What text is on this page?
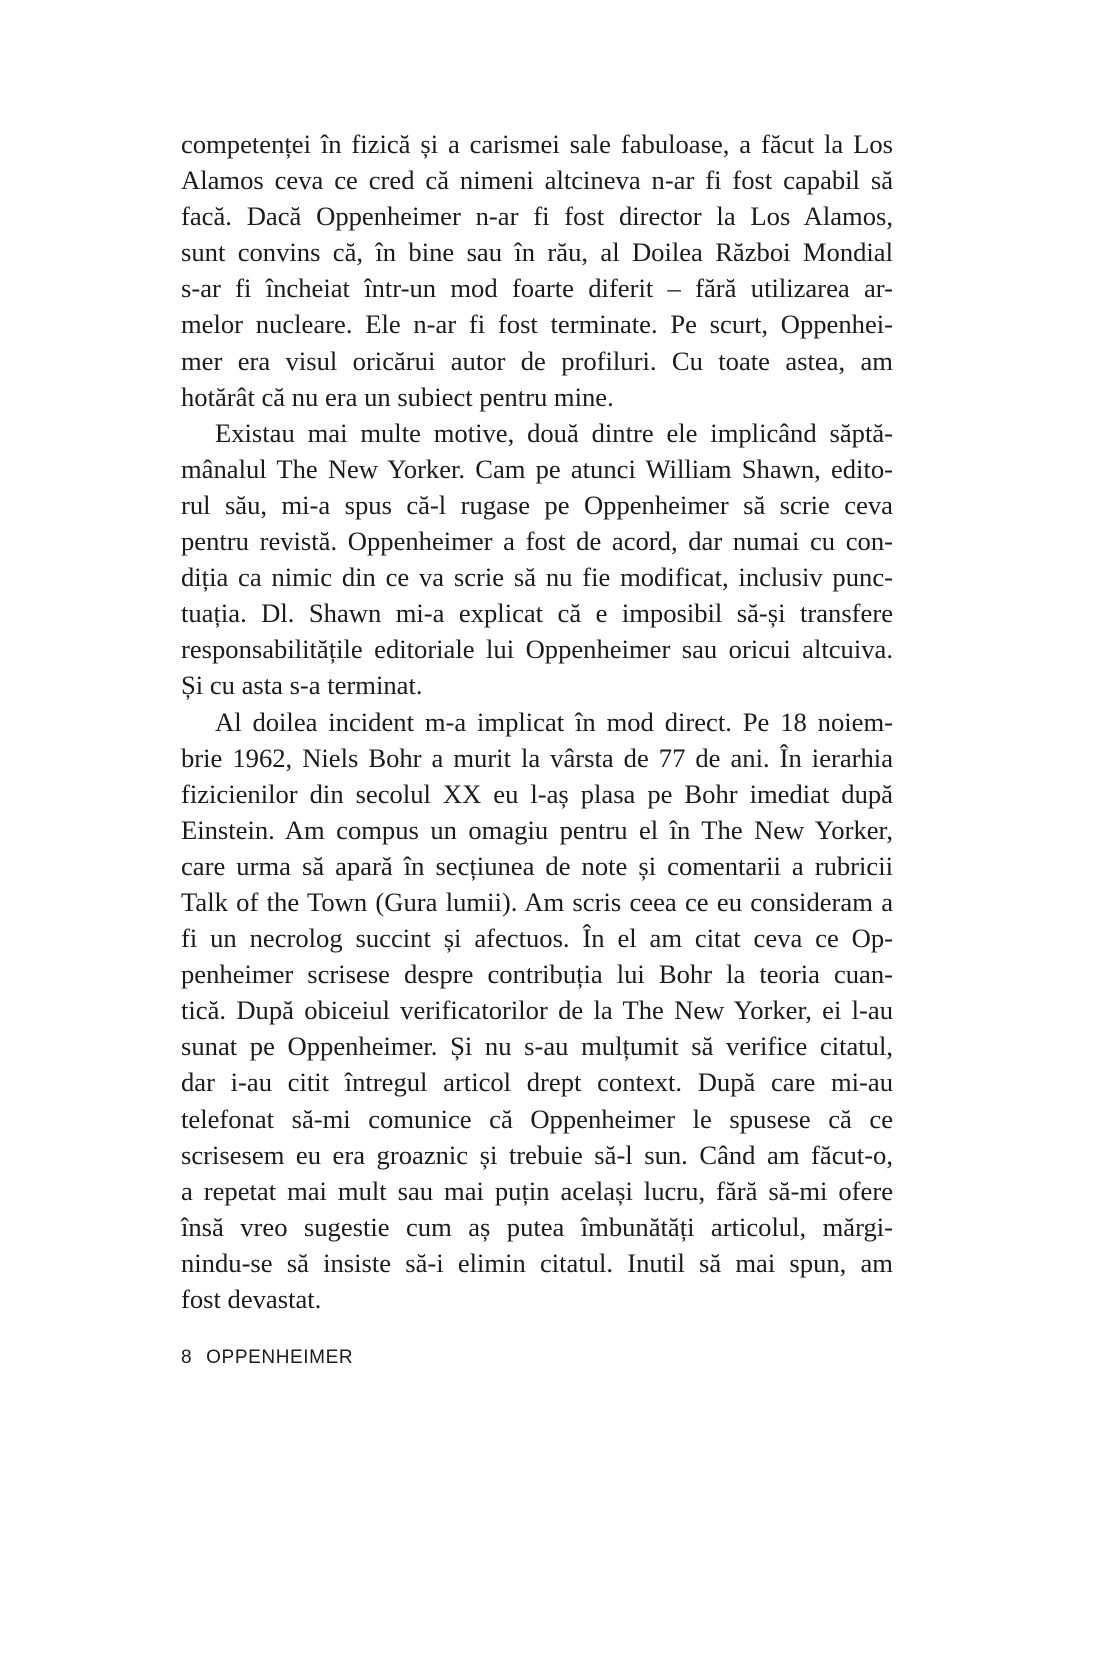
competenței în fizică și a carismei sale fabuloase, a făcut la Los
Alamos ceva ce cred că nimeni altcineva n-ar fi fost capabil să
facă. Dacă Oppenheimer n-ar fi fost director la Los Alamos,
sunt convins că, în bine sau în rău, al Doilea Război Mondial
s-ar fi încheiat într-un mod foarte diferit – fără utilizarea ar-
melor nucleare. Ele n-ar fi fost terminate. Pe scurt, Oppenhei-
mer era visul oricărui autor de profiluri. Cu toate astea, am
hotărât că nu era un subiect pentru mine.
Existau mai multe motive, două dintre ele implicând săptă-
mânalul The New Yorker. Cam pe atunci William Shawn, edito-
rul său, mi-a spus că-l rugase pe Oppenheimer să scrie ceva
pentru revistă. Oppenheimer a fost de acord, dar numai cu con-
diția ca nimic din ce va scrie să nu fie modificat, inclusiv punc-
tuația. Dl. Shawn mi-a explicat că e imposibil să-și transfere
responsabilitățile editoriale lui Oppenheimer sau oricui altcuiva.
Și cu asta s-a terminat.
Al doilea incident m-a implicat în mod direct. Pe 18 noiem-
brie 1962, Niels Bohr a murit la vârsta de 77 de ani. În ierarhia
fizicienilor din secolul XX eu l-aș plasa pe Bohr imediat după
Einstein. Am compus un omagiu pentru el în The New Yorker,
care urma să apară în secțiunea de note și comentarii a rubricii
Talk of the Town (Gura lumii). Am scris ceea ce eu consideram a
fi un necrolog succint și afectuos. În el am citat ceva ce Op-
penheimer scrisese despre contribuția lui Bohr la teoria cuan-
tică. După obiceiul verificatorilor de la The New Yorker, ei l-au
sunat pe Oppenheimer. Și nu s-au mulțumit să verifice citatul,
dar i-au citit întregul articol drept context. După care mi-au
telefonat să-mi comunice că Oppenheimer le spusese că ce
scrisesem eu era groaznic și trebuie să-l sun. Când am făcut-o,
a repetat mai mult sau mai puțin același lucru, fără să-mi ofere
însă vreo sugestie cum aș putea îmbunătăți articolul, mărgi-
nindu-se să insiste să-i elimin citatul. Inutil să mai spun, am
fost devastat.
8 OPPENHEIMER
